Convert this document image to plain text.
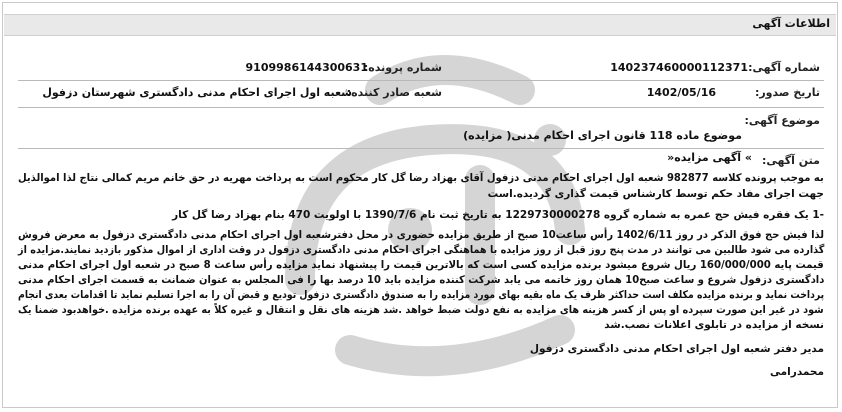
اطلاعات آگهی
شماره آگهی:
140237460000112371
شماره پرونده:
9109986144300631
تاریخ صدور:
1402/05/16
شعبه صادر کننده:
شعبه اول اجرای احکام مدنی دادگستری شهرستان دزفول
موضوع آگهی:
موضوع ماده 118 قانون اجرای احکام مدنی( مزایده)
متن آگهی:
» آگهی مزایده«
به موجب پرونده کلاسه 982877 شعبه اول اجرای احکام مدنی دزفول آقای بهزاد رضا گل کار محکوم است به پرداخت مهریه در حق خانم مریم کمالی نتاج لذا اموالذیل
جهت اجرای مفاد حکم توسط کارشناس قیمت گذاری گردیده.است
-1 یک فقره فیش حج عمره به شماره گروه 1229730000278 به تاریخ ثبت نام 1390/7/6 با اولویت 470 بنام بهزاد رضا گل کار
لذا فیش حج فوق الذکر در روز 1402/6/11 رأس ساعت10 صبح از طریق مزایده حضوری در محل دفترشعبه اول اجرای احکام مدنی دادگستری دزفول به معرض فروش
گذارده می شود طالبین می توانند در مدت پنج روز قبل از روز مزایده با هماهنگی اجرای احکام مدنی دادگستری دزفول در وقت اداری از اموال مذکور بازدید نمایند.مزایده از
قیمت پایه 160/000/000 ریال شروع میشود برنده مزایده کسی است که بالاترین قیمت را پیشنهاد نماید مزایده رأس ساعت 8 صبح در شعبه اول اجرای احکام مدنی
دادگستری دزفول شروع و ساعت صبح10 همان روز خاتمه می یابد شرکت کننده مزایده باید 10 درصد بها را فی المجلس به عنوان ضمانت به قسمت اجرای احکام مدنی
پرداخت نماید و برنده مزایده مکلف است حداکثر ظرف یک ماه بقیه بهای مورد مزایده را به صندوق دادگستری دزفول تودیع و قبض آن را به اجرا تسلیم نماید تا اقدامات بعدی انجام
شود در غیر این صورت سپرده او پس از کسر هزینه های مزایده به نفع دولت ضبط خواهد .شد هزینه های نقل و انتقال و غیره کلاً به عهده برنده مزایده .خواهدبود ضمنا یک
نسخه از مزایده در تابلوی اعلانات نصب.شد
مدیر دفتر شعبه اول اجرای احکام مدنی دادگستری دزفول
محمدرامی
